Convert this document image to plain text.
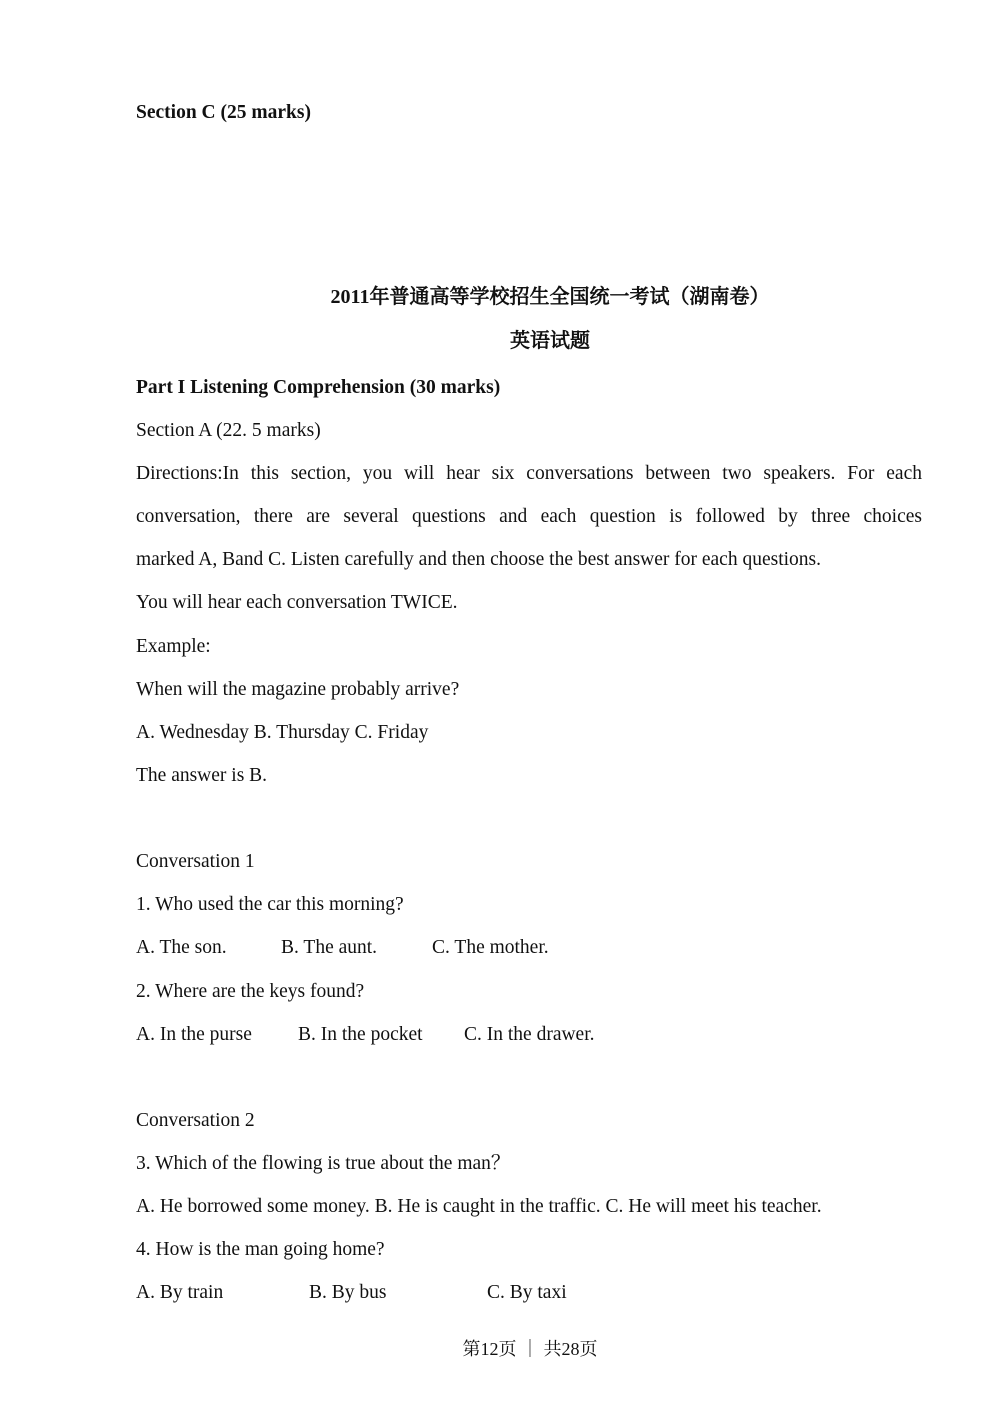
Section C (25 marks)
2011年普通高等学校招生全国统一考试（湖南卷）
英语试题
Part I Listening Comprehension (30 marks)
Section A (22. 5 marks)
Directions:In this section, you will hear six conversations between two speakers. For each
conversation, there are several questions and each question is followed by three choices
marked A, Band C. Listen carefully and then choose the best answer for each questions.
You will hear each conversation TWICE.
Example:
When will the magazine probably arrive?
A. Wednesday B. Thursday C. Friday
The answer is B.
Conversation 1
1. Who used the car this morning?
A. The son.	B. The aunt.	C. The mother.
2. Where are the keys found?
A. In the purse B. In the pocket C. In the drawer.
Conversation 2
3. Which of the flowing is true about the man？
A. He borrowed some money. B. He is caught in the traffic. C. He will meet his teacher.
4. How is the man going home?
A. By train	B. By bus	C. By taxi
第12页 ｜ 共28页
